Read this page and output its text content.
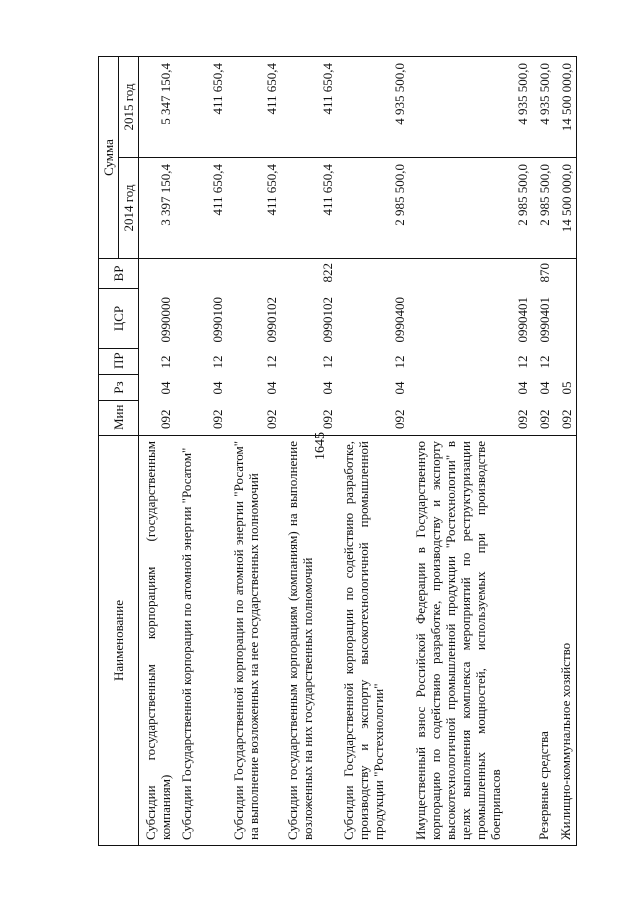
1645
Наименование	Мин	Рз	ПР	ЦСР	ВР	Сумма	
						2014 год	2015 год
Субсидии государственным корпорациям (государственным компаниям)	092	04	12	0990000		3 397 150,4	5 347 150,4
Субсидии Государственной корпорации по атомной энергии "Росатом"	092	04	12	0990100		411 650,4	411 650,4
Субсидии Государственной корпорации по атомной энергии "Росатом" на выполнение возложенных на нее государственных полномочий	092	04	12	0990102		411 650,4	411 650,4
Субсидии государственным корпорациям (компаниям) на выполнение возложенных на них государственных полномочий	092	04	12	0990102	822	411 650,4	411 650,4
Субсидии Государственной корпорации по содействию разработке, производству и экспорту высокотехнологичной промышленной продукции "Ростехнологии"	092	04	12	0990400		2 985 500,0	4 935 500,0
Имущественный взнос Российской Федерации в Государственную корпорацию по содействию разработке, производству и экспорту высокотехнологичной промышленной продукции "Ростехнологии" в целях выполнения комплекса мероприятий по реструктуризации промышленных мощностей, используемых при производстве боеприпасов	092	04	12	0990401		2 985 500,0	4 935 500,0
Резервные средства	092	04	12	0990401	870	2 985 500,0	4 935 500,0
Жилищно-коммунальное хозяйство	092	05				14 500 000,0	14 500 000,0
